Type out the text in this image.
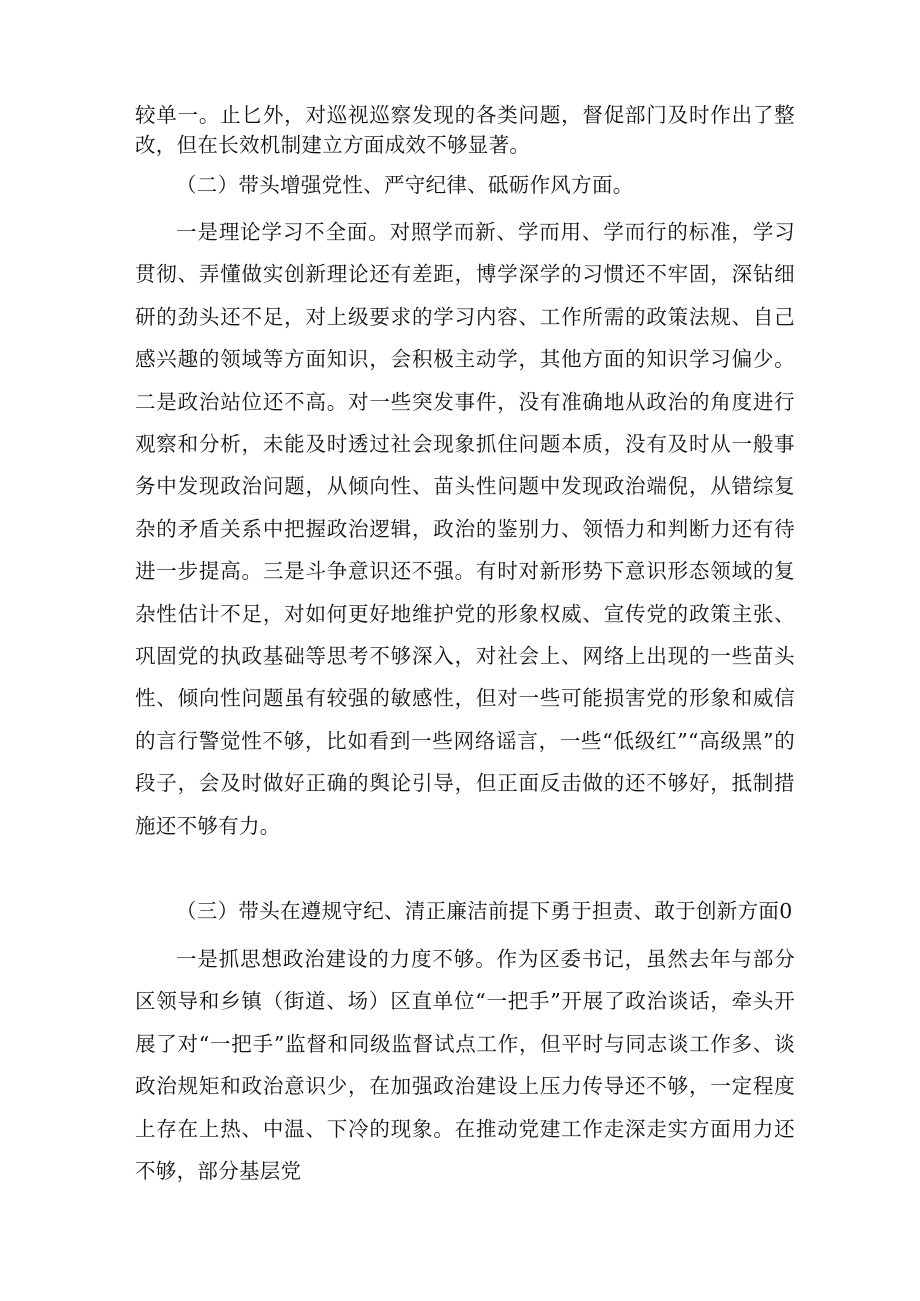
较单一。止匕外，对巡视巡察发现的各类问题，督促部门及时作出了整改，但在长效机制建立方面成效不够显著。

（二）带头增强党性、严守纪律、砥砺作风方面。

一是理论学习不全面。对照学而新、学而用、学而行的标准，学习贯彻、弄懂做实创新理论还有差距，博学深学的习惯还不牢固，深钻细研的劲头还不足，对上级要求的学习内容、工作所需的政策法规、自己感兴趣的领域等方面知识，会积极主动学，其他方面的知识学习偏少。二是政治站位还不高。对一些突发事件，没有准确地从政治的角度进行观察和分析，未能及时透过社会现象抓住问题本质，没有及时从一般事务中发现政治问题，从倾向性、苗头性问题中发现政治端倪，从错综复杂的矛盾关系中把握政治逻辑，政治的鉴别力、领悟力和判断力还有待进一步提高。三是斗争意识还不强。有时对新形势下意识形态领域的复杂性估计不足，对如何更好地维护党的形象权威、宣传党的政策主张、巩固党的执政基础等思考不够深入，对社会上、网络上出现的一些苗头性、倾向性问题虽有较强的敏感性，但对一些可能损害党的形象和威信的言行警觉性不够，比如看到一些网络谣言，一些“低级红”“高级黑”的段子，会及时做好正确的舆论引导，但正面反击做的还不够好，抵制措施还不够有力。

（三）带头在遵规守纪、清正廉洁前提下勇于担责、敢于创新方面0

一是抓思想政治建设的力度不够。作为区委书记，虽然去年与部分区领导和乡镇（街道、场）区直单位“一把手”开展了政治谈话，牵头开展了对“一把手”监督和同级监督试点工作，但平时与同志谈工作多、谈政治规矩和政治意识少，在加强政治建设上压力传导还不够，一定程度上存在上热、中温、下冷的现象。在推动党建工作走深走实方面用力还不够，部分基层党
